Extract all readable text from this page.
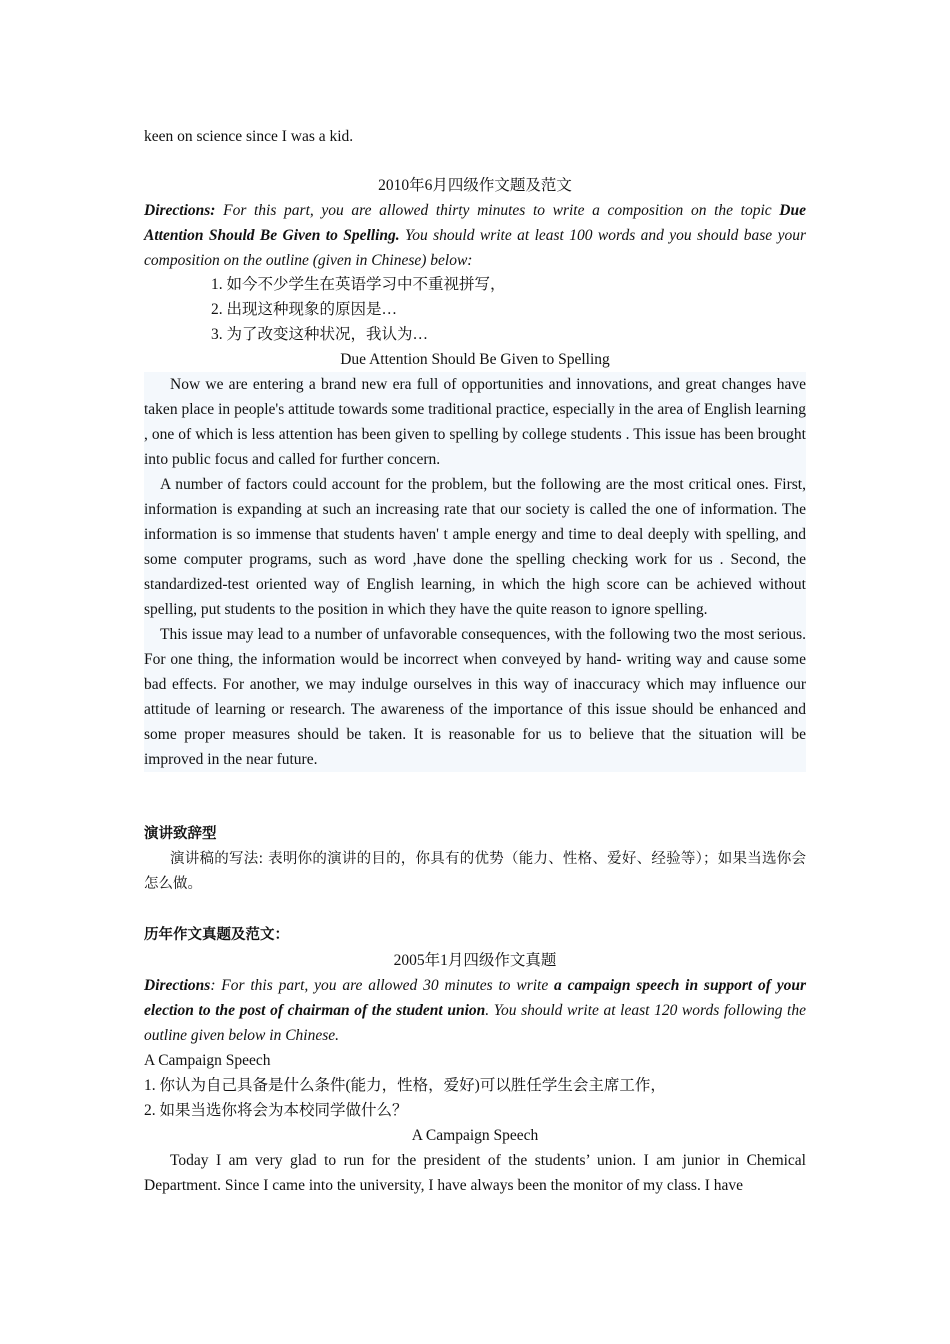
keen on science since I was a kid.

2010年6月四级作文题及范文

Directions: For this part, you are allowed thirty minutes to write a composition on the topic Due Attention Should Be Given to Spelling. You should write at least 100 words and you should base your composition on the outline (given in Chinese) below:

1. 如今不少学生在英语学习中不重视拼写，

2. 出现这种现象的原因是…

3. 为了改变这种状况，我认为…

Due Attention Should Be Given to Spelling

Now we are entering a brand new era full of opportunities and innovations, and great changes have taken place in people's attitude towards some traditional practice, especially in the area of English learning , one of which is less attention has been given to spelling by college students . This issue has been brought into public focus and called for further concern.

A number of factors could account for the problem, but the following are the most critical ones. First, information is expanding at such an increasing rate that our society is called the one of information. The information is so immense that students haven' t ample energy and time to deal deeply with spelling, and some computer programs, such as word ,have done the spelling checking work for us . Second, the standardized-test oriented way of English learning, in which the high score can be achieved without spelling, put students to the position in which they have the quite reason to ignore spelling.

This issue may lead to a number of unfavorable consequences, with the following two the most serious. For one thing, the information would be incorrect when conveyed by hand- writing way and cause some bad effects. For another, we may indulge ourselves in this way of inaccuracy which may influence our attitude of learning or research. The awareness of the importance of this issue should be enhanced and some proper measures should be taken. It is reasonable for us to believe that the situation will be improved in the near future.

演讲致辞型

演讲稿的写法: 表明你的演讲的目的，你具有的优势（能力、性格、爱好、经验等）；如果当选你会怎么做。

历年作文真题及范文：

2005年1月四级作文真题

Directions: For this part, you are allowed 30 minutes to write a campaign speech in support of your election to the post of chairman of the student union. You should write at least 120 words following the outline given below in Chinese.

A Campaign Speech

1. 你认为自己具备是什么条件(能力，性格，爱好)可以胜任学生会主席工作，

2. 如果当选你将会为本校同学做什么？

A Campaign Speech

Today I am very glad to run for the president of the students’ union. I am junior in Chemical Department. Since I came into the university, I have always been the monitor of my class. I have
